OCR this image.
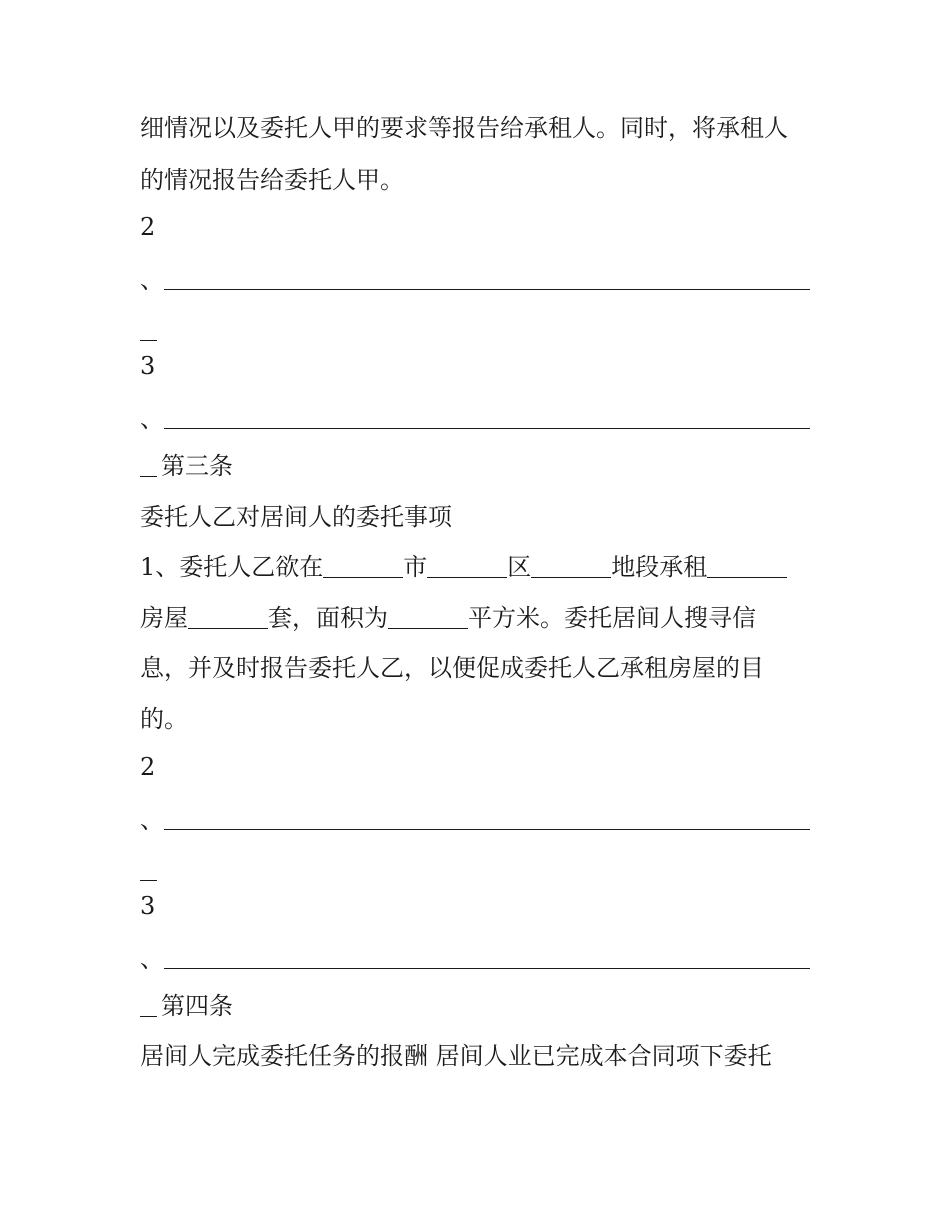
细情况以及委托人甲的要求等报告给承租人。同时，将承租人
的情况报告给委托人甲。
2
、
3
、
第三条
委托人乙对居间人的委托事项
1、委托人乙欲在	市	区	地段承租
房屋	套，面积为	平方米。委托居间人搜寻信
息，并及时报告委托人乙，以便促成委托人乙承租房屋的目
的。
2
、
3
、
第四条
居间人完成委托任务的报酬 居间人业已完成本合同项下委托
